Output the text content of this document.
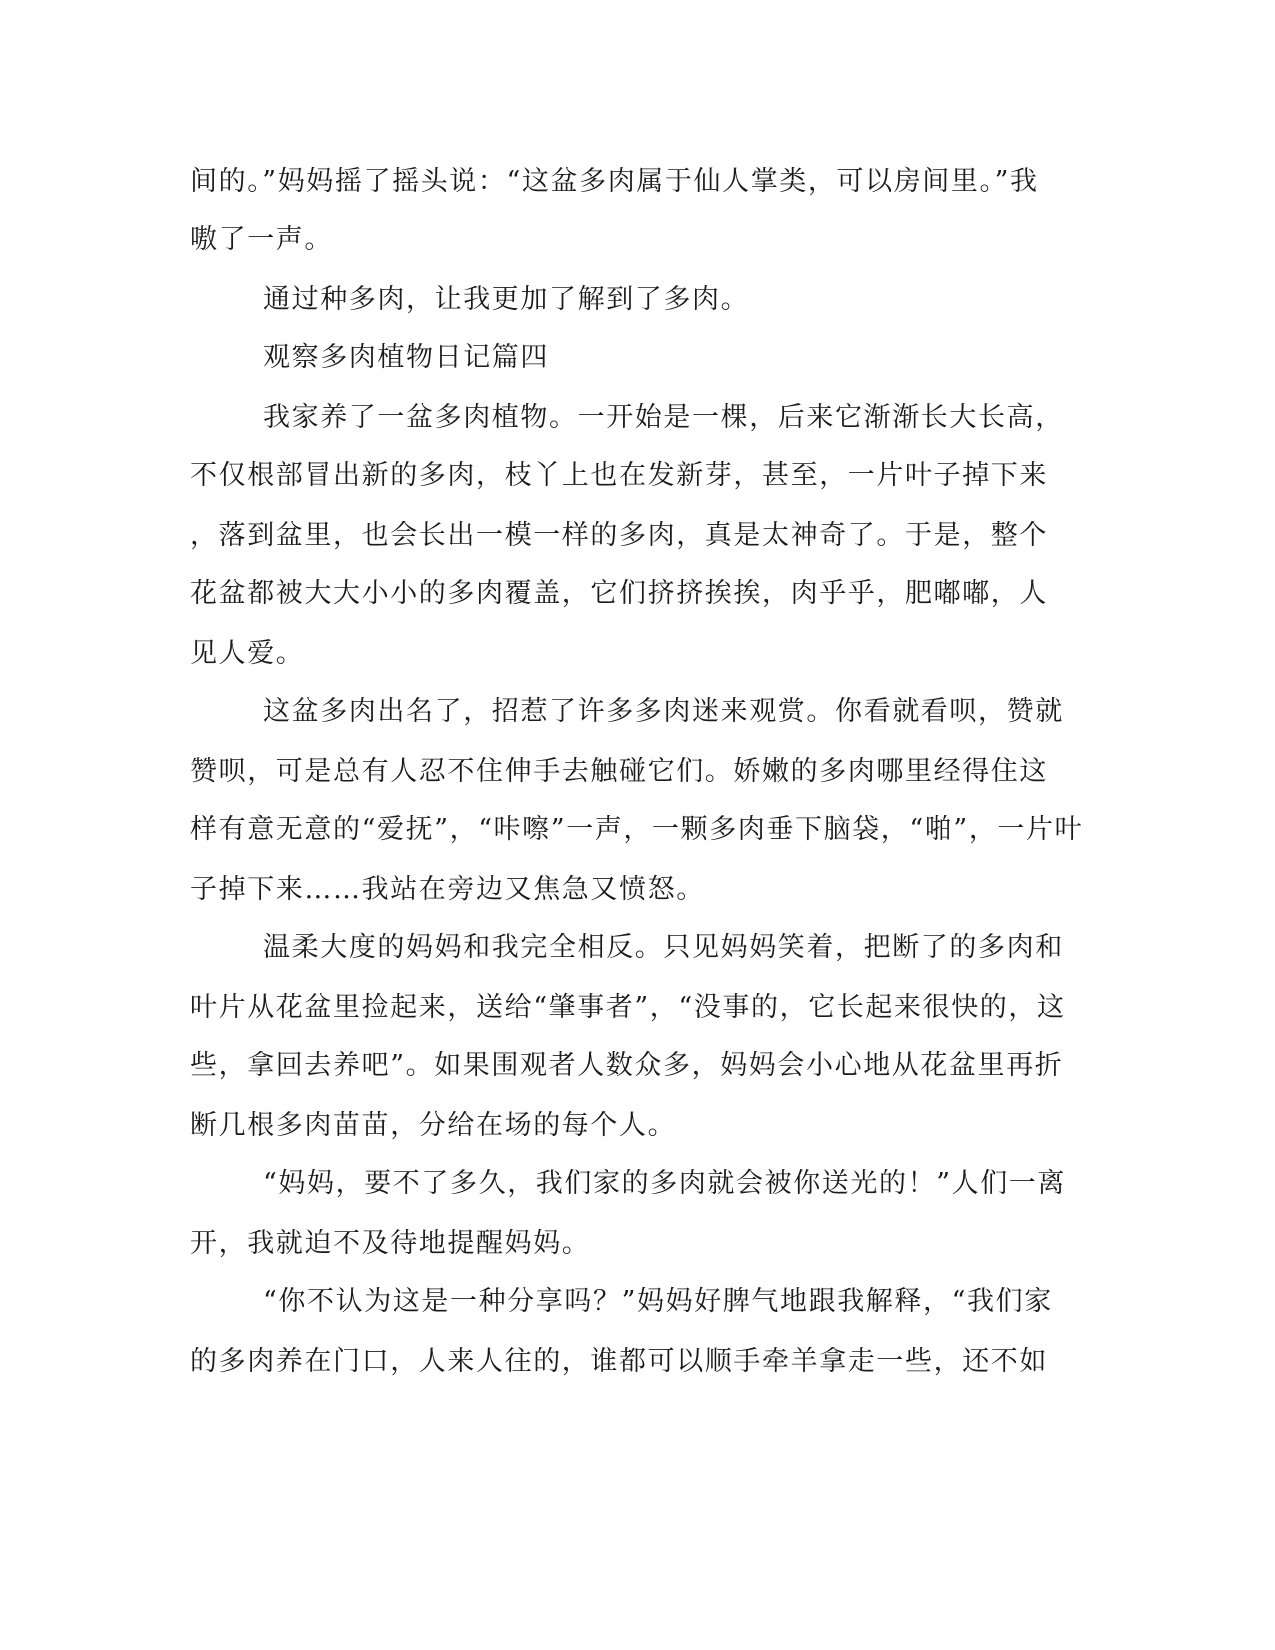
间的。”妈妈摇了摇头说：“这盆多肉属于仙人掌类，可以房间里。”我
嗷了一声。
通过种多肉，让我更加了解到了多肉。
观察多肉植物日记篇四
我家养了一盆多肉植物。一开始是一棵，后来它渐渐长大长高，
不仅根部冒出新的多肉，枝丫上也在发新芽，甚至，一片叶子掉下来
，落到盆里，也会长出一模一样的多肉，真是太神奇了。于是，整个
花盆都被大大小小的多肉覆盖，它们挤挤挨挨，肉乎乎，肥嘟嘟，人
见人爱。
这盆多肉出名了，招惹了许多多肉迷来观赏。你看就看呗，赞就
赞呗，可是总有人忍不住伸手去触碰它们。娇嫩的多肉哪里经得住这
样有意无意的“爱抚”，“咔嚓”一声，一颗多肉垂下脑袋，“啪”，一片叶
子掉下来……我站在旁边又焦急又愤怒。
温柔大度的妈妈和我完全相反。只见妈妈笑着，把断了的多肉和
叶片从花盆里捡起来，送给“肇事者”，“没事的，它长起来很快的，这
些，拿回去养吧”。如果围观者人数众多，妈妈会小心地从花盆里再折
断几根多肉苗苗，分给在场的每个人。
“妈妈，要不了多久，我们家的多肉就会被你送光的！”人们一离
开，我就迫不及待地提醒妈妈。
“你不认为这是一种分享吗？”妈妈好脾气地跟我解释，“我们家
的多肉养在门口，人来人往的，谁都可以顺手牵羊拿走一些，还不如
